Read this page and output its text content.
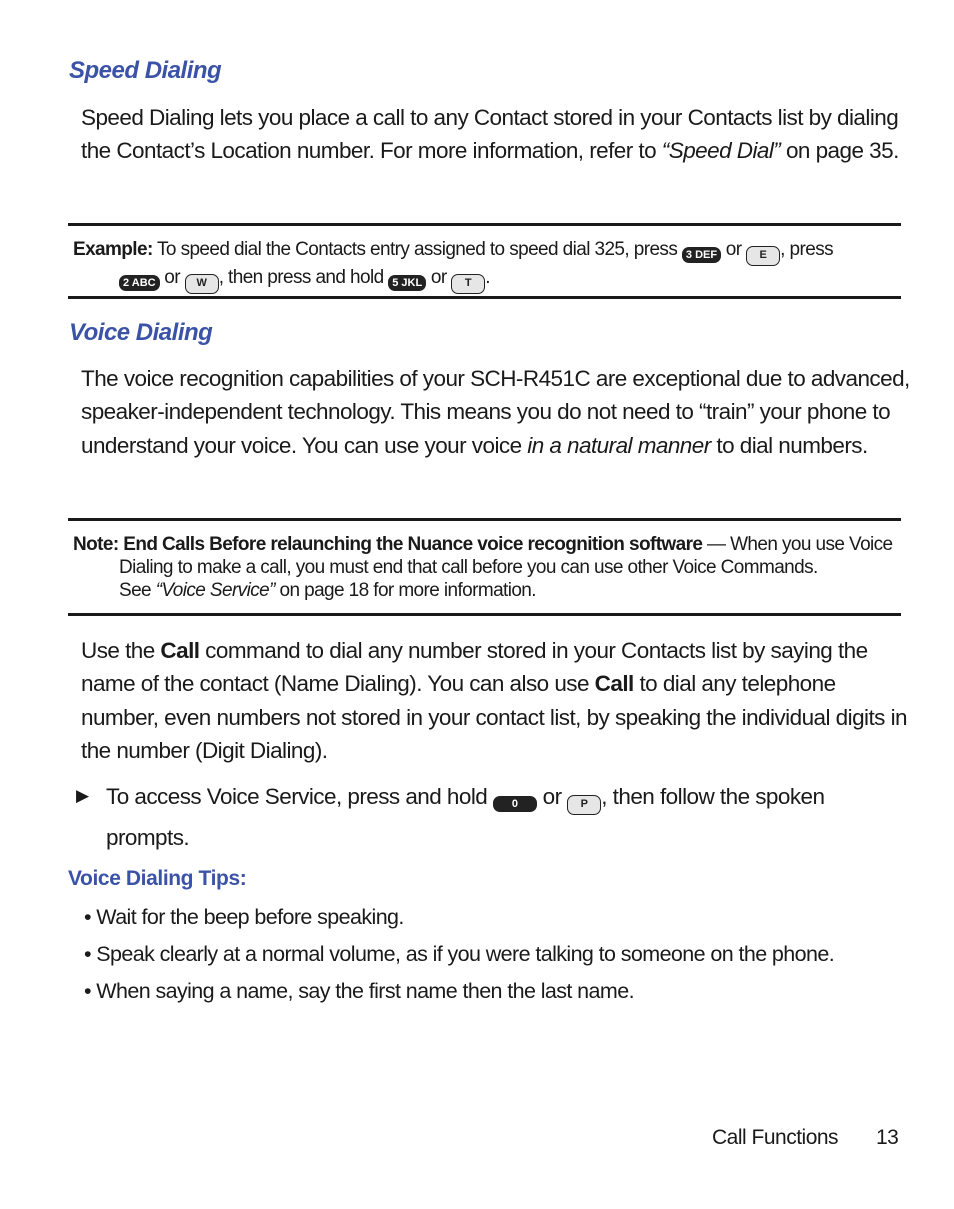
Speed Dialing

Speed Dialing lets you place a call to any Contact stored in your Contacts list by dialing the Contact’s Location number. For more information, refer to “Speed Dial” on page 35.

Example: To speed dial the Contacts entry assigned to speed dial 325, press 3 DEF or E , press
2 ABC or W , then press and hold 5 JKL or T .
Voice Dialing

The voice recognition capabilities of your SCH-R451C are exceptional due to advanced, speaker-independent technology. This means you do not need to “train” your phone to understand your voice. You can use your voice in a natural manner to dial numbers.

Note: End Calls Before relaunching the Nuance voice recognition software — When you use Voice
Dialing to make a call, you must end that call before you can use other Voice Commands.
See “Voice Service” on page 18 for more information.

Use the Call command to dial any number stored in your Contacts list by saying the name of the contact (Name Dialing). You can also use Call to dial any telephone number, even numbers not stored in your contact list, by speaking the individual digits in the number (Digit Dialing).

▶ To access Voice Service, press and hold 0 or P , then follow the spoken
prompts.

Voice Dialing Tips:
• Wait for the beep before speaking.
• Speak clearly at a normal volume, as if you were talking to someone on the phone.
• When saying a name, say the first name then the last name.
Call Functions 13
